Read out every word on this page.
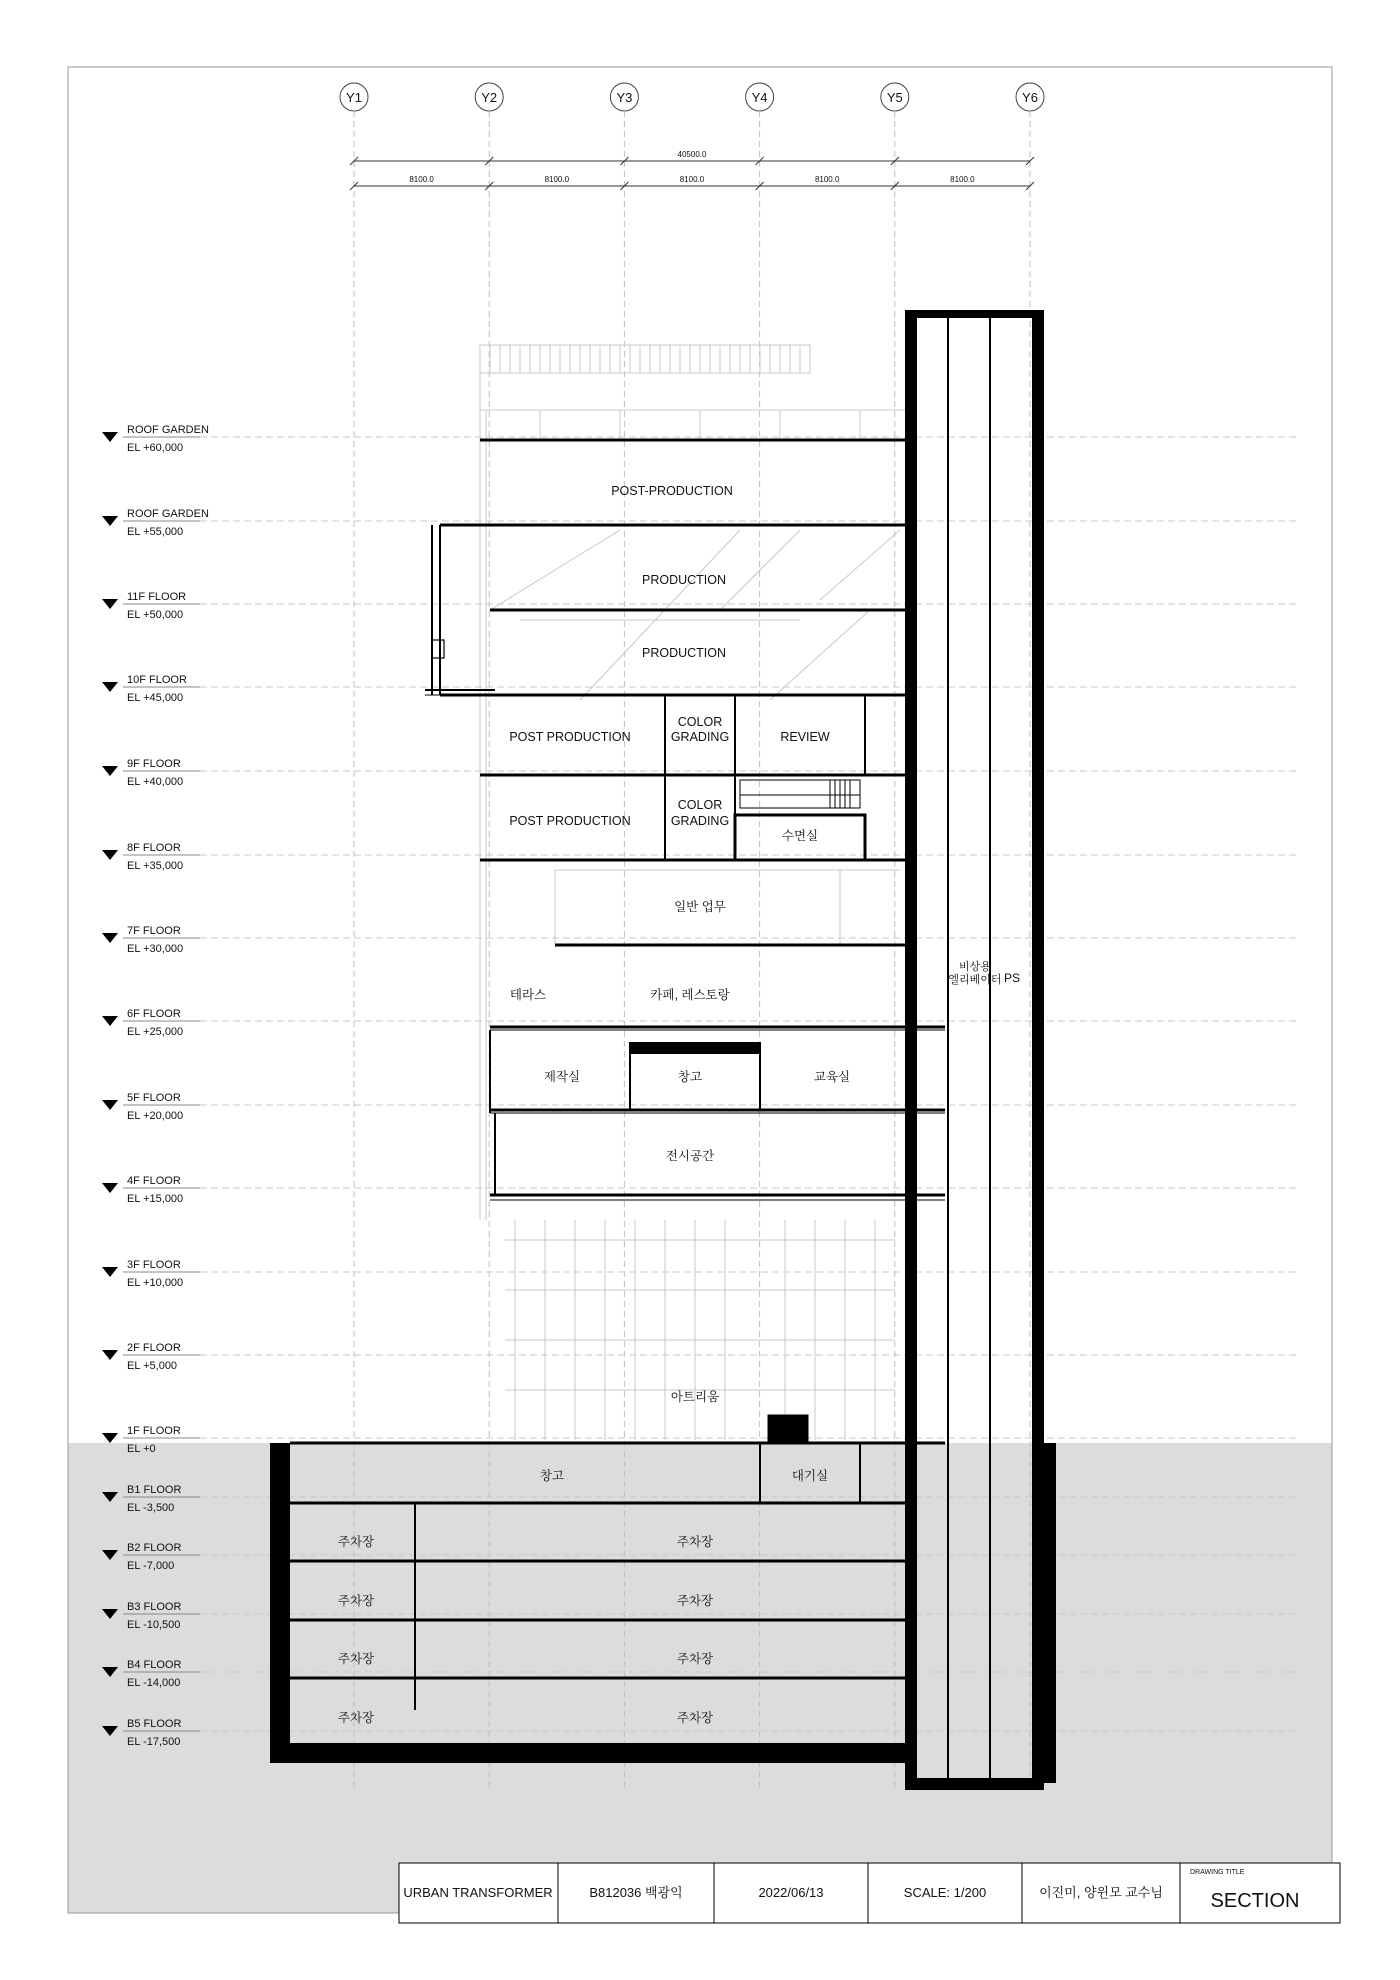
Y1	Y2	Y3	Y4	Y5	Y6
40500.0
8100.0	8100.0	8100.0	8100.0	8100.0
ROOF GARDEN
EL +60,000
ROOF GARDEN
EL +55,000
11F FLOOR
EL +50,000
10F FLOOR
EL +45,000
9F FLOOR
EL +40,000
8F FLOOR
EL +35,000
7F FLOOR
EL +30,000
6F FLOOR
EL +25,000
5F FLOOR
EL +20,000
4F FLOOR
EL +15,000
3F FLOOR
EL +10,000
2F FLOOR
EL +5,000
1F FLOOR
EL +0
B1 FLOOR
EL -3,500
B2 FLOOR
EL -7,000
B3 FLOOR
EL -10,500
B4 FLOOR
EL -14,000
B5 FLOOR
EL -17,500
POST-PRODUCTION
PRODUCTION
PRODUCTION
POST PRODUCTION
COLOR
GRADING	REVIEW
POST PRODUCTION
COLOR
GRADING
수면실
일반 업무
테라스	카페, 레스토랑
제작실	창고	교육실
전시공간
아트리움
창고	대기실
주차장	주차장
주차장	주차장
주차장	주차장
주차장	주차장
비상용
엘리베이터 PS
URBAN TRANSFORMER	B812036 백광익	2022/06/13	SCALE: 1/200	이진미, 양윈모 교수님
DRAWING TITLE
SECTION
